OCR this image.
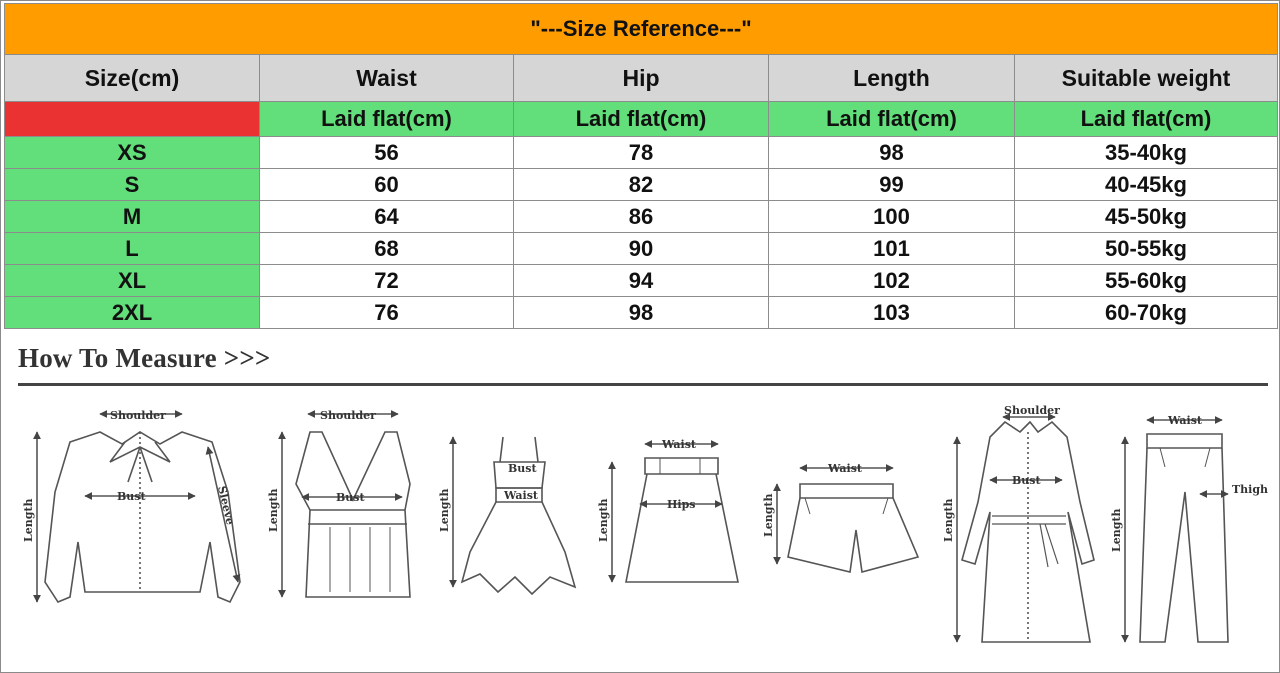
"---Size Reference---"				
Size(cm)	Waist	Hip	Length	Suitable weight
	Laid flat(cm)	Laid flat(cm)	Laid flat(cm)	Laid flat(cm)
XS	56	78	98	35-40kg
S	60	82	99	40-45kg
M	64	86	100	45-50kg
L	68	90	101	50-55kg
XL	72	94	102	55-60kg
2XL	76	98	103	60-70kg
How To Measure >>>
Shoulder
Bust
Length	Sleeve
Shoulder
Bust
Length
Bust
Waist
Length
Waist
Hips
Length
Waist
Length
Shoulder
Bust
Length
Waist
Thigh
Length
